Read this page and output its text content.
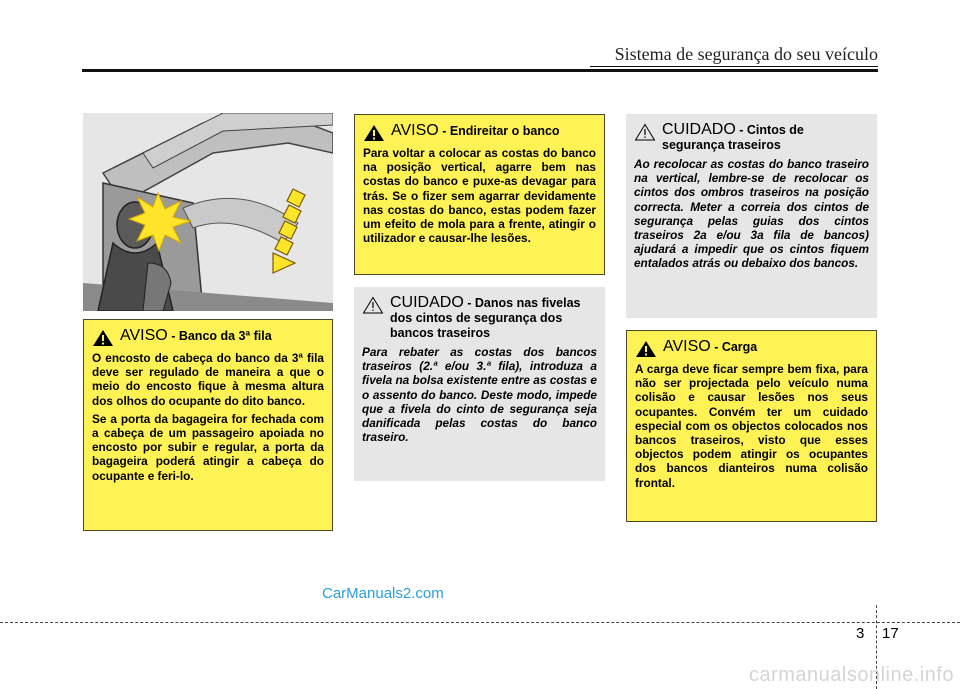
Sistema de segurança do seu veículo
AVISO - Banco da 3ª fila

O encosto de cabeça do banco da 3ª fila deve ser regulado de maneira a que o meio do encosto fique à mesma altura dos olhos do ocupante do dito banco.

Se a porta da bagageira for fechada com a cabeça de um passageiro apoiada no encosto por subir e regular, a porta da bagageira poderá atingir a cabeça do ocupante e feri-lo.

AVISO - Endireitar o banco

Para voltar a colocar as costas do banco na posição vertical, agarre bem nas costas do banco e puxe-as devagar para trás. Se o fizer sem agarrar devidamente nas costas do banco, estas podem fazer um efeito de mola para a frente, atingir o utilizador e causar-lhe lesões.

CUIDADO - Danos nas fivelas dos cintos de segurança dos bancos traseiros

Para rebater as costas dos bancos traseiros (2.ª e/ou 3.ª fila), introduza a fivela na bolsa existente entre as costas e o assento do banco. Deste modo, impede que a fivela do cinto de segurança seja danificada pelas costas do banco traseiro.

CUIDADO - Cintos de segurança traseiros

Ao recolocar as costas do banco traseiro na vertical, lembre-se de recolocar os cintos dos ombros traseiros na posição correcta. Meter a correia dos cintos de segurança pelas guias dos cintos traseiros 2a e/ou 3a fila de bancos) ajudará a impedir que os cintos fiquem entalados atrás ou debaixo dos bancos.

AVISO - Carga

A carga deve ficar sempre bem fixa, para não ser projectada pelo veículo numa colisão e causar lesões nos seus ocupantes. Convém ter um cuidado especial com os objectos colocados nos bancos traseiros, visto que esses objectos podem atingir os ocupantes dos bancos dianteiros numa colisão frontal.

CarManuals2.com
3 17
carmanualsonline.info
